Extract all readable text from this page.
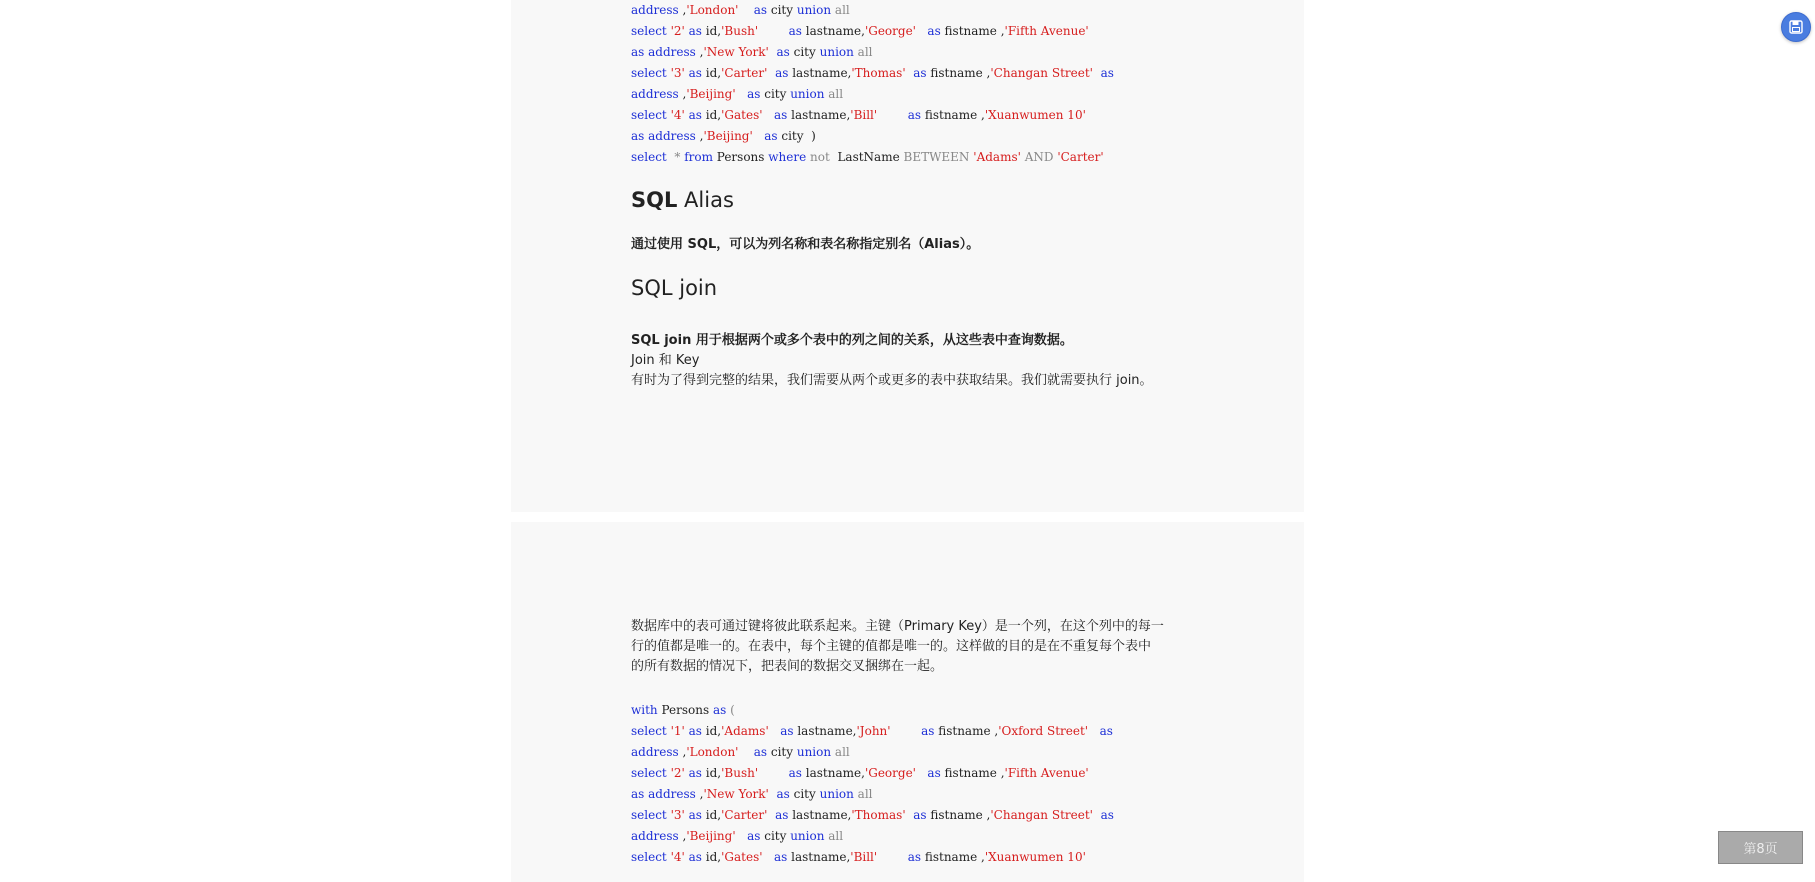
address ,'London' as city union all
select '2' as id,'Bush'	as lastname,'George' as fistname ,'Fifth Avenue'
as address ,'New York' as city union all
select '3' as id,'Carter' as lastname,'Thomas' as fistname ,'Changan Street' as
address ,'Beijing' as city union all
select '4' as id,'Gates' as lastname,'Bill'	as fistname ,'Xuanwumen 10'
as address ,'Beijing' as city  )
select  * from Persons where not  LastName BETWEEN 'Adams' AND 'Carter'
SQL Alias

通过使用 SQL，可以为列名称和表名称指定别名（Alias）。

SQL join

SQL join 用于根据两个或多个表中的列之间的关系，从这些表中查询数据。

Join 和 Key

有时为了得到完整的结果，我们需要从两个或更多的表中获取结果。我们就需要执行 join。

数据库中的表可通过键将彼此联系起来。主键（Primary Key）是一个列，在这个列中的每一

行的值都是唯一的。在表中，每个主键的值都是唯一的。这样做的目的是在不重复每个表中

的所有数据的情况下，把表间的数据交叉捆绑在一起。

with Persons as (
select '1' as id,'Adams' as lastname,'John'	as fistname ,'Oxford Street' as
address ,'London' as city union all
select '2' as id,'Bush'	as lastname,'George' as fistname ,'Fifth Avenue'
as address ,'New York' as city union all
select '3' as id,'Carter' as lastname,'Thomas' as fistname ,'Changan Street' as
address ,'Beijing' as city union all
select '4' as id,'Gates' as lastname,'Bill'	as fistname ,'Xuanwumen 10'	第8页
